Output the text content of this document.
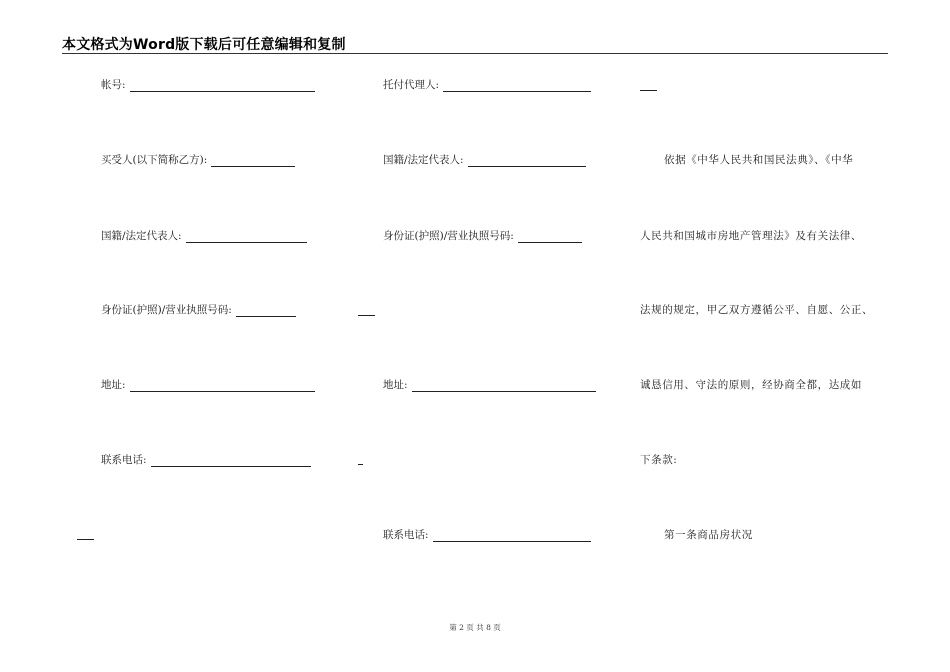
本文格式为Word版下载后可任意编辑和复制
帐号:
买受人(以下简称乙方):
国籍/法定代表人:
身份证(护照)/营业执照号码:
地址:
联系电话:
托付代理人:
国籍/法定代表人:
身份证(护照)/营业执照号码:
地址:
联系电话:
依据《中华人民共和国民法典》、《中华
人民共和国城市房地产管理法》及有关法律、
法规的规定，甲乙双方遵循公平、自愿、公正、
诚恳信用、守法的原则，经协商全都，达成如
下条款:
第一条商品房状况
第 2 页 共 8 页
